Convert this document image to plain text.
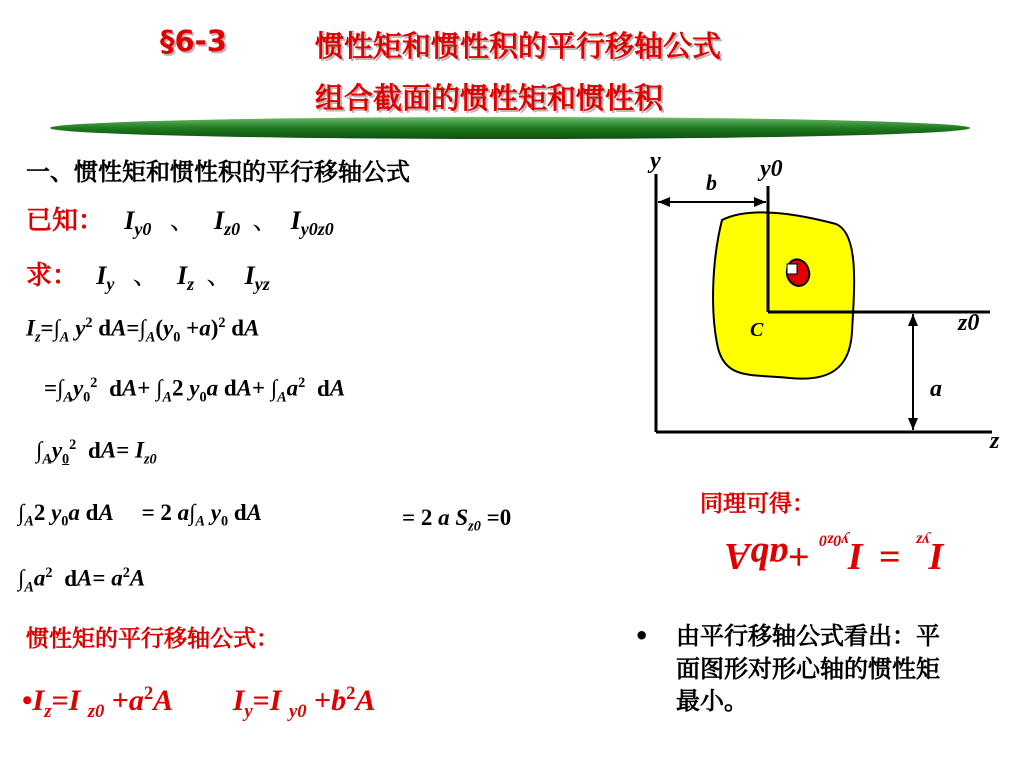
§6-3	惯性矩和惯性积的平行移轴公式
组合截面的惯性矩和惯性积
一、惯性矩和惯性积的平行移轴公式
已知： $I_{y0}$ 、 $I_{z0}$ 、 $I_{y0z0}$
求： $I_y$ 、 $I_z$ 、 $I_{yz}$
$I_z=\int_A$ $y^2$ $dA=\int_A(y_0 +a)^2$ dA
$=\int_Ay_0^2$ $dA+ \int_A2$ $y_0a$ $dA+ \int_Aa^2$ dA
$\int_Ay_0^2$ $dA= I_{z0}$
$\int_A2$ $y_0a$ dA = 2 $a\int_A$ $y_0$ dA	= 2 a $S_{z0} =0$
$\int_Aa^2$ $dA= a^2A$
惯性矩的平行移轴公式：
$•I_z=I$ $_{z0} +a^2A$ $I_y=I$ $_{y0} +b^2A$
y	y0
b
C	z0
a
z
同理可得：
$I_{yz} = I_{y0z0} +abA$
• 由平行移轴公式看出：平面图形对形心轴的惯性矩最小。
